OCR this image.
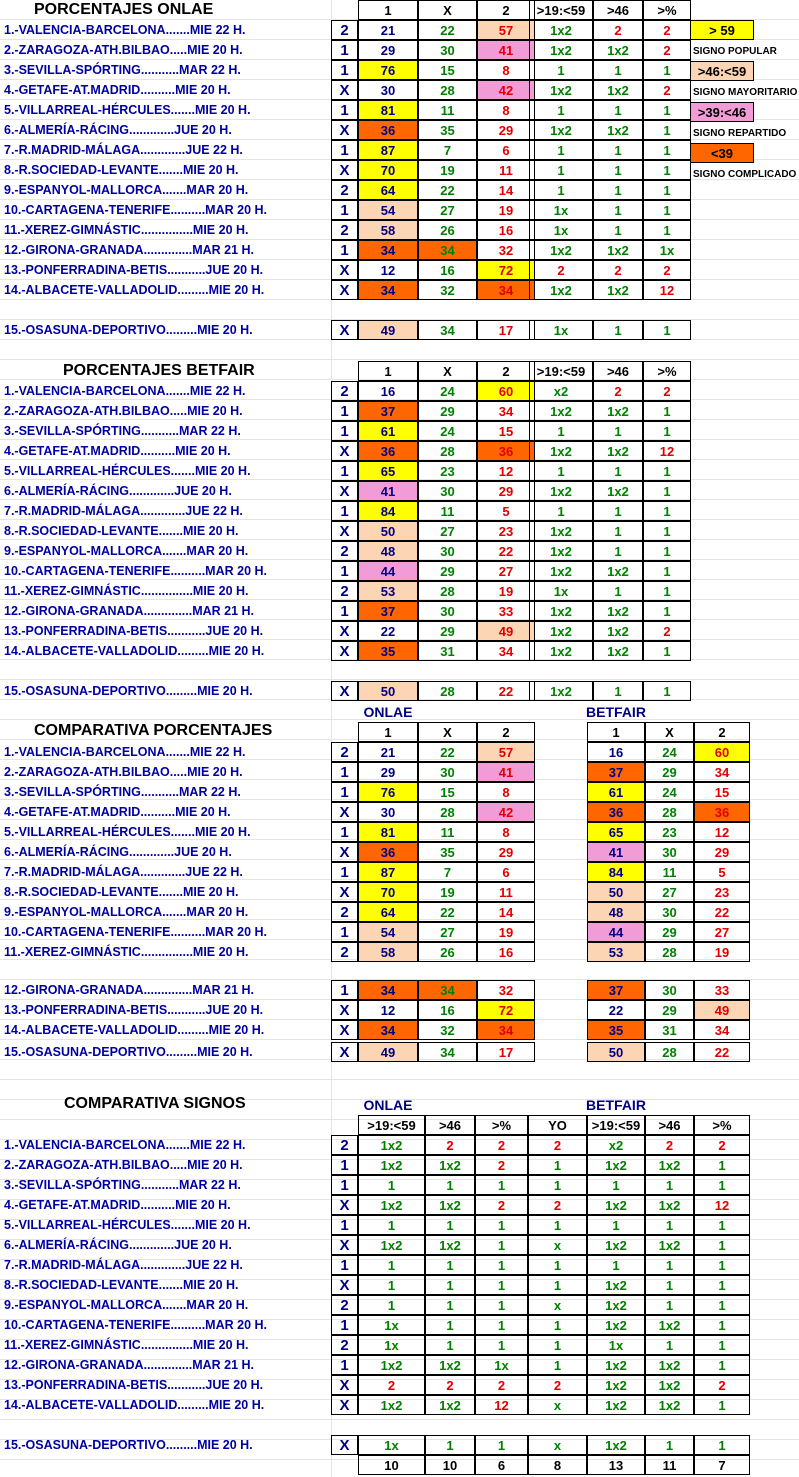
PORCENTAJES ONLAE	1	X	2	>19:<59	>46	>%
1.-VALENCIA-BARCELONA.......MIE 22 H.	2	21	22	57	1x2	2	2
2.-ZARAGOZA-ATH.BILBAO.....MIE 20 H.	1	29	30	41	1x2	1x2	2
3.-SEVILLA-SPÓRTING...........MAR 22 H.	1	76	15	8	1	1	1
4.-GETAFE-AT.MADRID..........MIE 20 H.	X	30	28	42	1x2	1x2	2
5.-VILLARREAL-HÉRCULES.......MIE 20 H.	1	81	11	8	1	1	1
6.-ALMERÍA-RÁCING.............JUE 20 H.	X	36	35	29	1x2	1x2	1
7.-R.MADRID-MÁLAGA.............JUE 22 H.	1	87	7	6	1	1	1
8.-R.SOCIEDAD-LEVANTE.......MIE 20 H.	X	70	19	11	1	1	1
9.-ESPANYOL-MALLORCA.......MAR 20 H.	2	64	22	14	1	1	1
10.-CARTAGENA-TENERIFE..........MAR 20 H.	1	54	27	19	1x	1	1
11.-XEREZ-GIMNÁSTIC...............MIE 20 H.	2	58	26	16	1x	1	1
12.-GIRONA-GRANADA..............MAR 21 H.	1	34	34	32	1x2	1x2	1x
13.-PONFERRADINA-BETIS...........JUE 20 H.	X	12	16	72	2	2	2
14.-ALBACETE-VALLADOLID.........MIE 20 H.	X	34	32	34	1x2	1x2	12
15.-OSASUNA-DEPORTIVO.........MIE 20 H.	X	49	34	17	1x	1	1
> 59
SIGNO POPULAR
>46:<59
SIGNO MAYORITARIO
>39:<46
SIGNO REPARTIDO
<39
SIGNO COMPLICADO
PORCENTAJES BETFAIR	1	X	2	>19:<59	>46	>%
1.-VALENCIA-BARCELONA.......MIE 22 H.	2	16	24	60	x2	2	2
2.-ZARAGOZA-ATH.BILBAO.....MIE 20 H.	1	37	29	34	1x2	1x2	1
3.-SEVILLA-SPÓRTING...........MAR 22 H.	1	61	24	15	1	1	1
4.-GETAFE-AT.MADRID..........MIE 20 H.	X	36	28	36	1x2	1x2	12
5.-VILLARREAL-HÉRCULES.......MIE 20 H.	1	65	23	12	1	1	1
6.-ALMERÍA-RÁCING.............JUE 20 H.	X	41	30	29	1x2	1x2	1
7.-R.MADRID-MÁLAGA.............JUE 22 H.	1	84	11	5	1	1	1
8.-R.SOCIEDAD-LEVANTE.......MIE 20 H.	X	50	27	23	1x2	1	1
9.-ESPANYOL-MALLORCA.......MAR 20 H.	2	48	30	22	1x2	1	1
10.-CARTAGENA-TENERIFE..........MAR 20 H.	1	44	29	27	1x2	1x2	1
11.-XEREZ-GIMNÁSTIC...............MIE 20 H.	2	53	28	19	1x	1	1
12.-GIRONA-GRANADA..............MAR 21 H.	1	37	30	33	1x2	1x2	1
13.-PONFERRADINA-BETIS...........JUE 20 H.	X	22	29	49	1x2	1x2	2
14.-ALBACETE-VALLADOLID.........MIE 20 H.	X	35	31	34	1x2	1x2	1
15.-OSASUNA-DEPORTIVO.........MIE 20 H.	X	50	28	22	1x2	1	1
COMPARATIVA PORCENTAJES
ONLAE	BETFAIR
1	X	2	1	X	2
1.-VALENCIA-BARCELONA.......MIE 22 H.	2	21	22	57	16	24	60
2.-ZARAGOZA-ATH.BILBAO.....MIE 20 H.	1	29	30	41	37	29	34
3.-SEVILLA-SPÓRTING...........MAR 22 H.	1	76	15	8	61	24	15
4.-GETAFE-AT.MADRID..........MIE 20 H.	X	30	28	42	36	28	36
5.-VILLARREAL-HÉRCULES.......MIE 20 H.	1	81	11	8	65	23	12
6.-ALMERÍA-RÁCING.............JUE 20 H.	X	36	35	29	41	30	29
7.-R.MADRID-MÁLAGA.............JUE 22 H.	1	87	7	6	84	11	5
8.-R.SOCIEDAD-LEVANTE.......MIE 20 H.	X	70	19	11	50	27	23
9.-ESPANYOL-MALLORCA.......MAR 20 H.	2	64	22	14	48	30	22
10.-CARTAGENA-TENERIFE..........MAR 20 H.	1	54	27	19	44	29	27
11.-XEREZ-GIMNÁSTIC...............MIE 20 H.	2	58	26	16	53	28	19
12.-GIRONA-GRANADA..............MAR 21 H.	1	34	34	32	37	30	33
13.-PONFERRADINA-BETIS...........JUE 20 H.	X	12	16	72	22	29	49
14.-ALBACETE-VALLADOLID.........MIE 20 H.	X	34	32	34	35	31	34
15.-OSASUNA-DEPORTIVO.........MIE 20 H.	X	49	34	17	50	28	22
COMPARATIVA SIGNOS	ONLAE	BETFAIR
>19:<59	>46	>%	YO	>19:<59	>46	>%
1.-VALENCIA-BARCELONA.......MIE 22 H.	2	1x2	2	2	2	x2	2	2
2.-ZARAGOZA-ATH.BILBAO.....MIE 20 H.	1	1x2	1x2	2	1	1x2	1x2	1
3.-SEVILLA-SPÓRTING...........MAR 22 H.	1	1	1	1	1	1	1	1
4.-GETAFE-AT.MADRID..........MIE 20 H.	X	1x2	1x2	2	2	1x2	1x2	12
5.-VILLARREAL-HÉRCULES.......MIE 20 H.	1	1	1	1	1	1	1	1
6.-ALMERÍA-RÁCING.............JUE 20 H.	X	1x2	1x2	1	x	1x2	1x2	1
7.-R.MADRID-MÁLAGA.............JUE 22 H.	1	1	1	1	1	1	1	1
8.-R.SOCIEDAD-LEVANTE.......MIE 20 H.	X	1	1	1	1	1x2	1	1
9.-ESPANYOL-MALLORCA.......MAR 20 H.	2	1	1	1	x	1x2	1	1
10.-CARTAGENA-TENERIFE..........MAR 20 H.	1	1x	1	1	1	1x2	1x2	1
11.-XEREZ-GIMNÁSTIC...............MIE 20 H.	2	1x	1	1	1	1x	1	1
12.-GIRONA-GRANADA..............MAR 21 H.	1	1x2	1x2	1x	1	1x2	1x2	1
13.-PONFERRADINA-BETIS...........JUE 20 H.	X	2	2	2	2	1x2	1x2	2
14.-ALBACETE-VALLADOLID.........MIE 20 H.	X	1x2	1x2	12	x	1x2	1x2	1
15.-OSASUNA-DEPORTIVO.........MIE 20 H.	X	1x	1	1	x	1x2	1	1
10	10	6	8	13	11	7
